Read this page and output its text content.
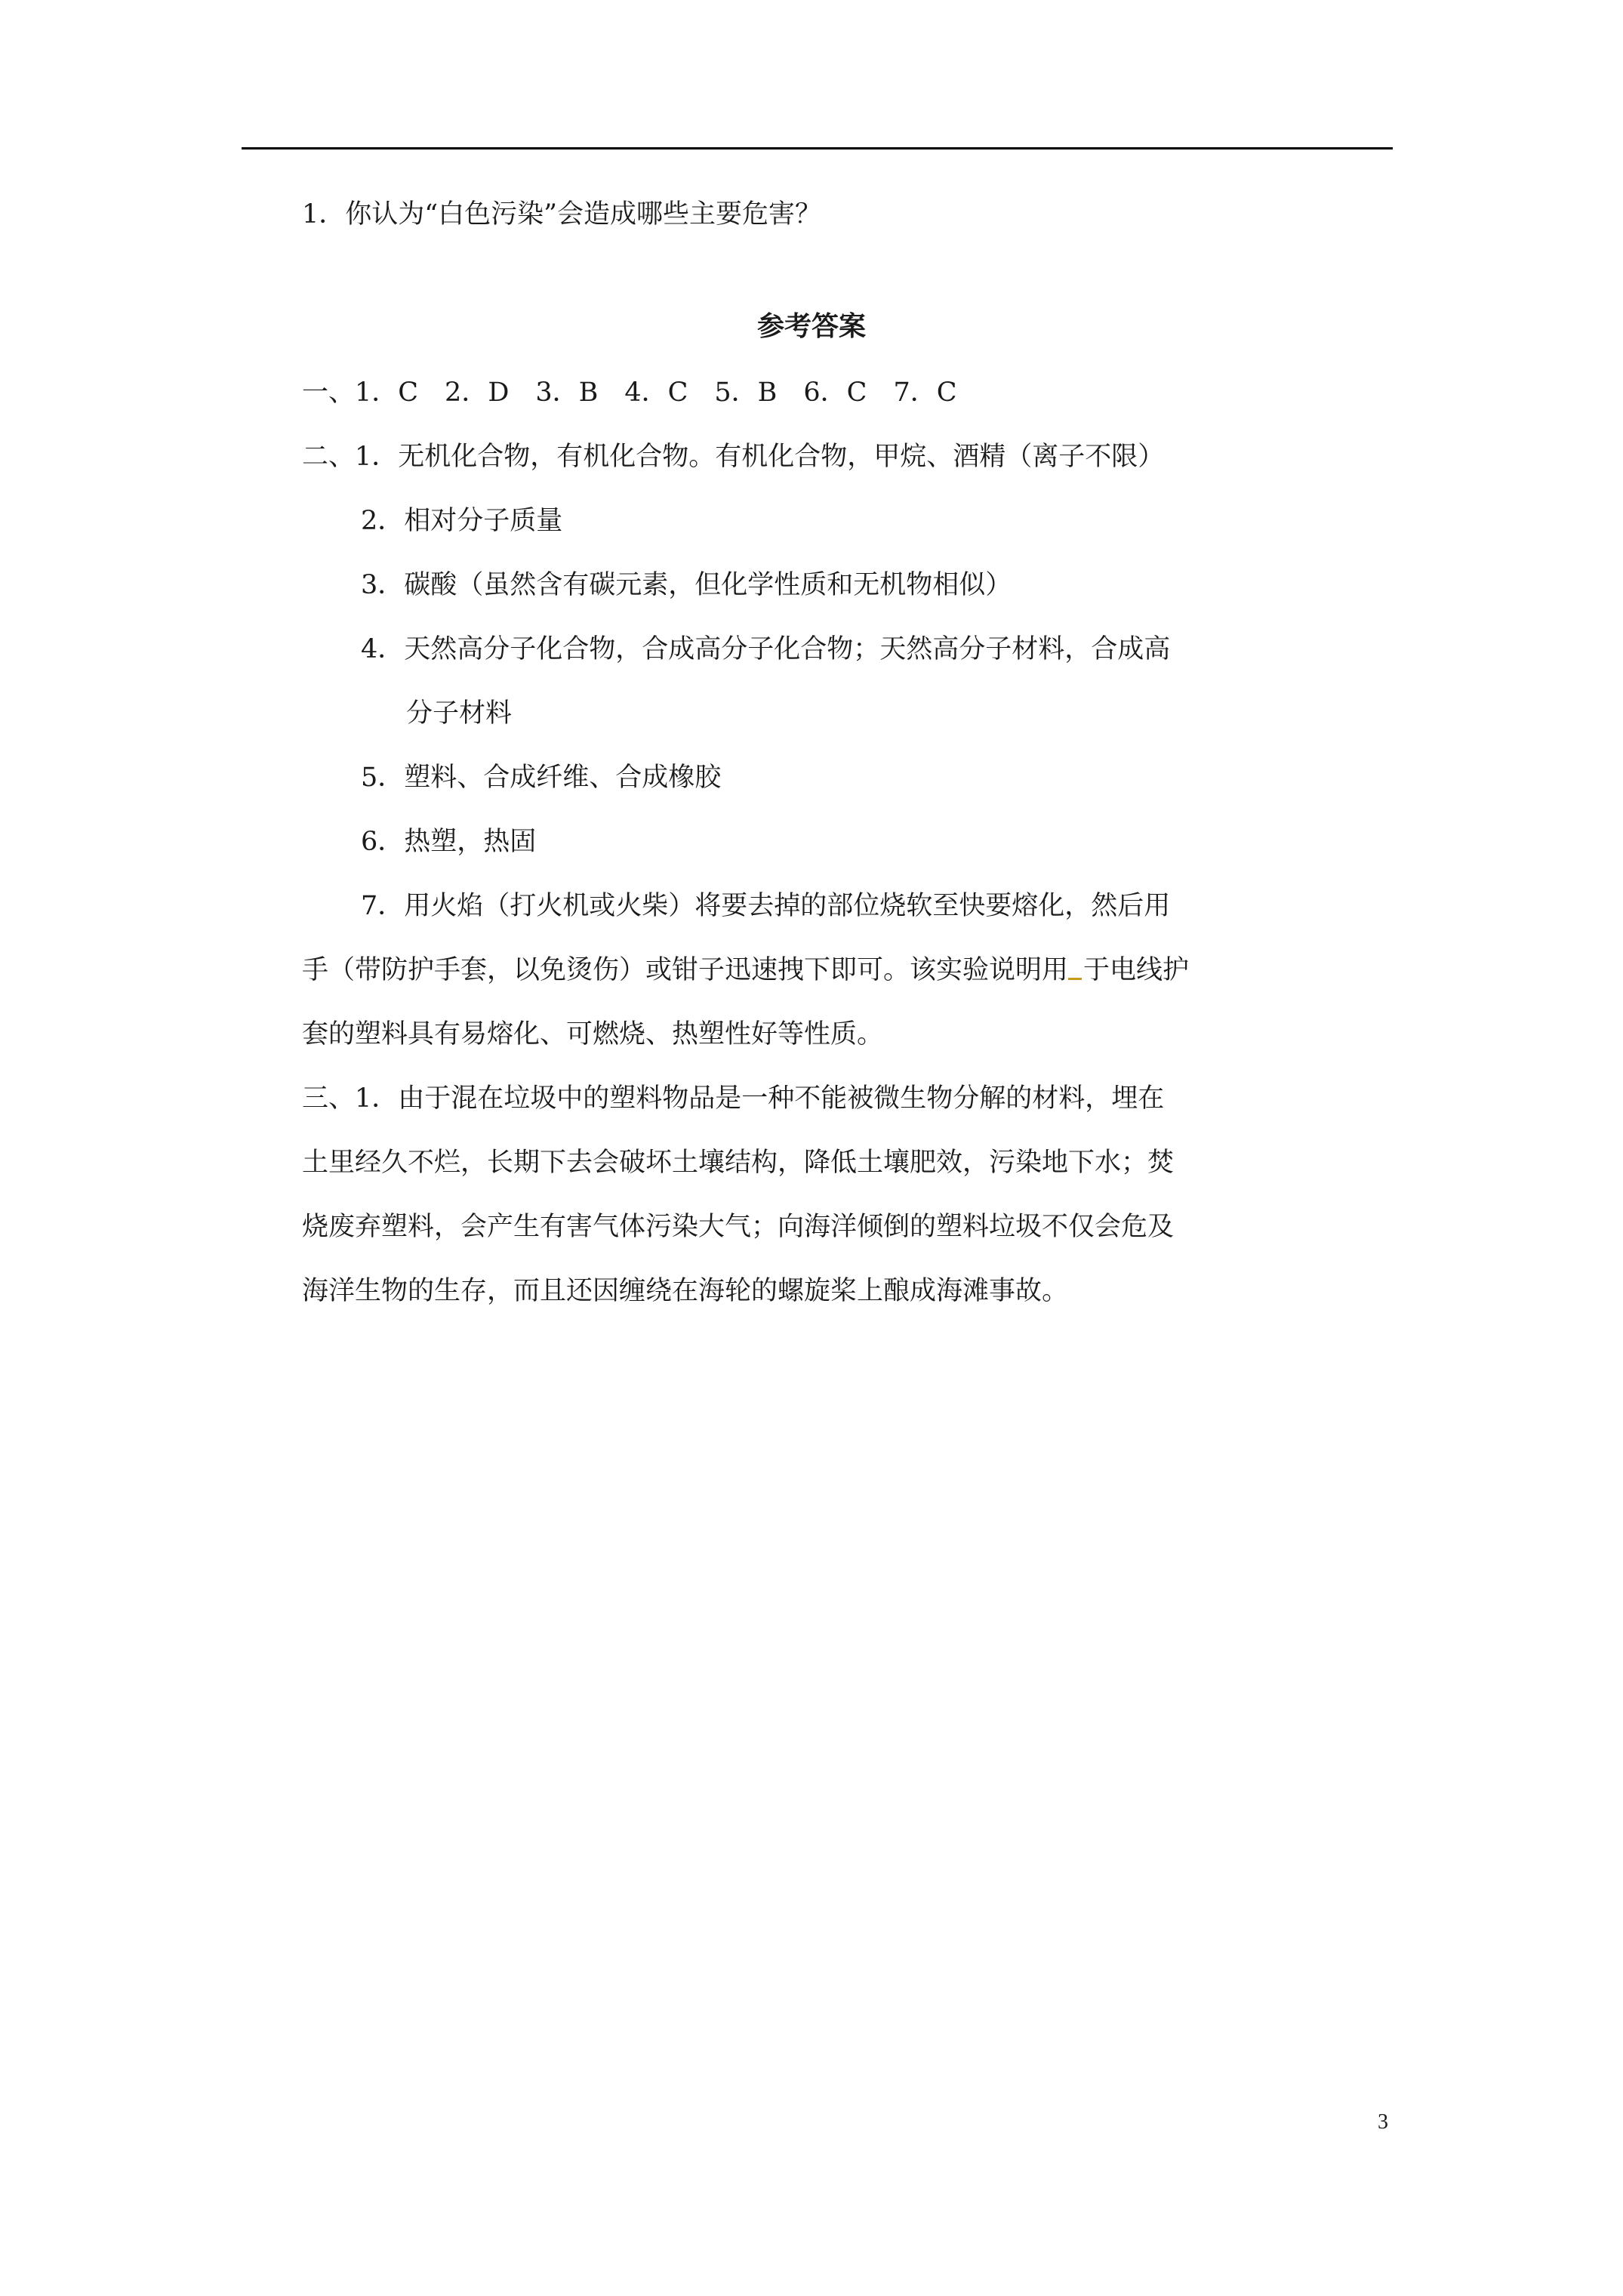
1．你认为“白色污染”会造成哪些主要危害？
参考答案
一、1．C　2．D　3．B　4．C　5．B　6．C　7．C
二、1．无机化合物，有机化合物。有机化合物，甲烷、酒精（离子不限）
2．相对分子质量
3．碳酸（虽然含有碳元素，但化学性质和无机物相似）
4．天然高分子化合物，合成高分子化合物；天然高分子材料，合成高
分子材料
5．塑料、合成纤维、合成橡胶
6．热塑，热固
7．用火焰（打火机或火柴）将要去掉的部位烧软至快要熔化，然后用
手（带防护手套，以免烫伤）或钳子迅速拽下即可。该实验说明用 于电线护
套的塑料具有易熔化、可燃烧、热塑性好等性质。
三、1．由于混在垃圾中的塑料物品是一种不能被微生物分解的材料，埋在
土里经久不烂，长期下去会破坏土壤结构，降低土壤肥效，污染地下水；焚
烧废弃塑料，会产生有害气体污染大气；向海洋倾倒的塑料垃圾不仅会危及
海洋生物的生存，而且还因缠绕在海轮的螺旋桨上酿成海滩事故。
3
